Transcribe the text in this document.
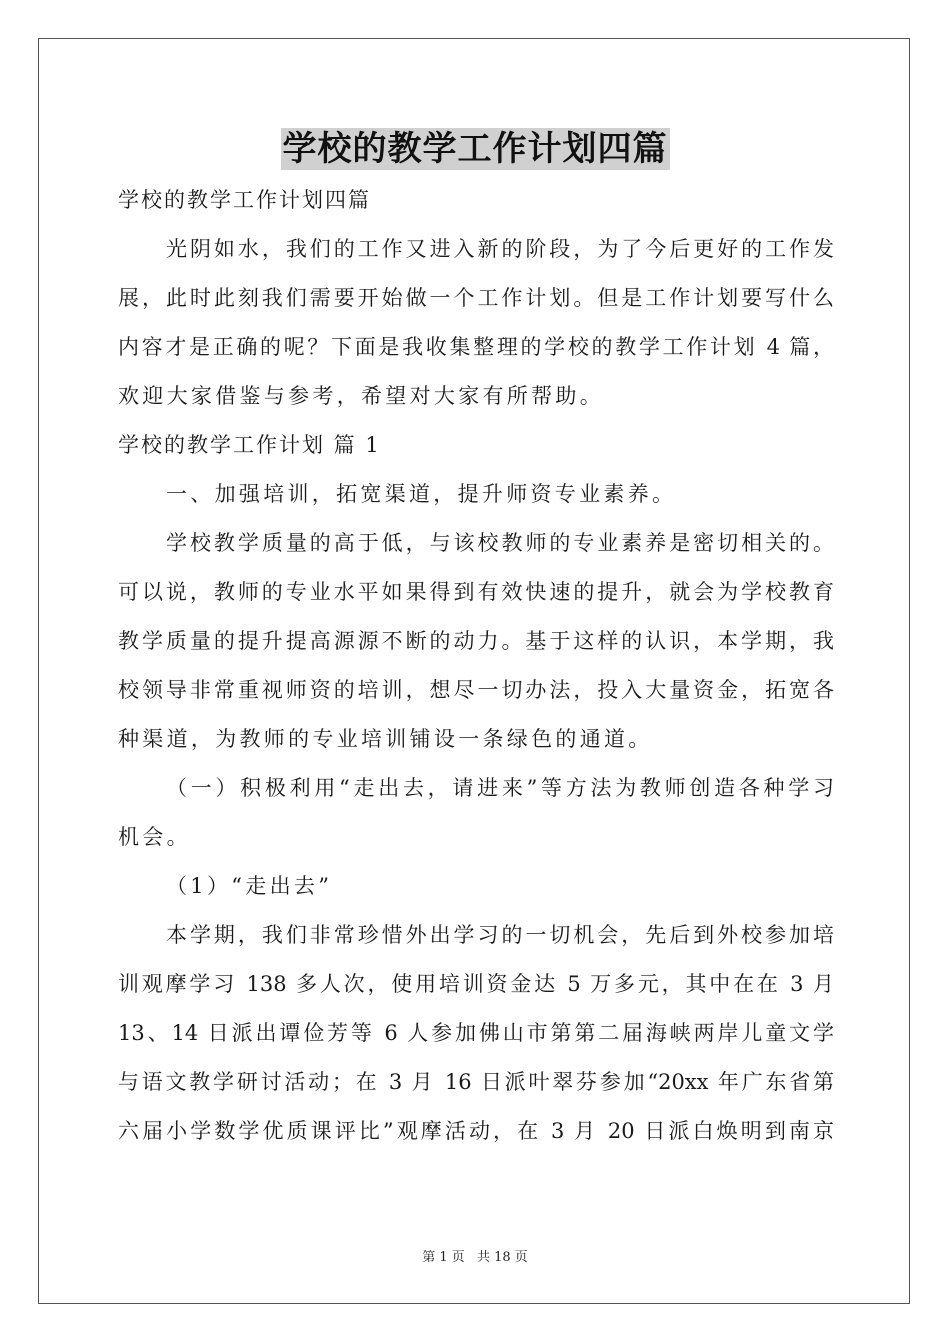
学校的教学工作计划四篇
学校的教学工作计划四篇
光阴如水，我们的工作又进入新的阶段，为了今后更好的工作发
展，此时此刻我们需要开始做一个工作计划。但是工作计划要写什么
内容才是正确的呢？下面是我收集整理的学校的教学工作计划 4 篇，
欢迎大家借鉴与参考，希望对大家有所帮助。
学校的教学工作计划 篇 1
一、加强培训，拓宽渠道，提升师资专业素养。
学校教学质量的高于低，与该校教师的专业素养是密切相关的。
可以说，教师的专业水平如果得到有效快速的提升，就会为学校教育
教学质量的提升提高源源不断的动力。基于这样的认识，本学期，我
校领导非常重视师资的培训，想尽一切办法，投入大量资金，拓宽各
种渠道，为教师的专业培训铺设一条绿色的通道。
（一）积极利用“走出去，请进来”等方法为教师创造各种学习
机会。
（1）“走出去”
本学期，我们非常珍惜外出学习的一切机会，先后到外校参加培
训观摩学习 138 多人次，使用培训资金达 5 万多元，其中在在 3 月
13、14 日派出谭俭芳等 6 人参加佛山市第第二届海峡两岸儿童文学
与语文教学研讨活动；在 3 月 16 日派叶翠芬参加“20xx 年广东省第
六届小学数学优质课评比”观摩活动，在 3 月 20 日派白焕明到南京
第 1 页 共 18 页
